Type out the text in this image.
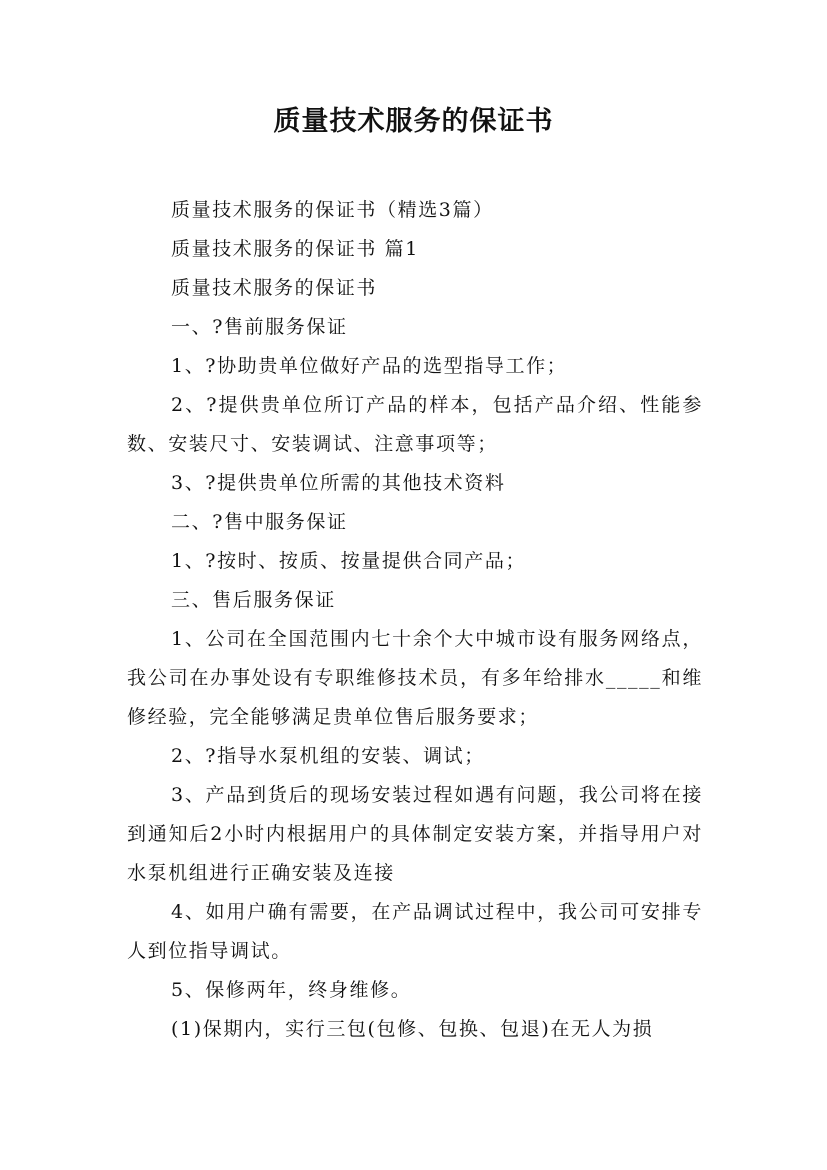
质量技术服务的保证书

质量技术服务的保证书（精选3篇）

质量技术服务的保证书 篇1

质量技术服务的保证书

一、?售前服务保证

1、?协助贵单位做好产品的选型指导工作；

2、?提供贵单位所订产品的样本，包括产品介绍、性能参数、安装尺寸、安装调试、注意事项等；

3、?提供贵单位所需的其他技术资料

二、?售中服务保证

1、?按时、按质、按量提供合同产品；

三、售后服务保证

1、公司在全国范围内七十余个大中城市设有服务网络点，我公司在办事处设有专职维修技术员，有多年给排水_____和维修经验，完全能够满足贵单位售后服务要求；

2、?指导水泵机组的安装、调试；

3、产品到货后的现场安装过程如遇有问题，我公司将在接到通知后2小时内根据用户的具体制定安装方案，并指导用户对水泵机组进行正确安装及连接

4、如用户确有需要，在产品调试过程中，我公司可安排专人到位指导调试。

5、保修两年，终身维修。

(1)保期内，实行三包(包修、包换、包退)在无人为损
